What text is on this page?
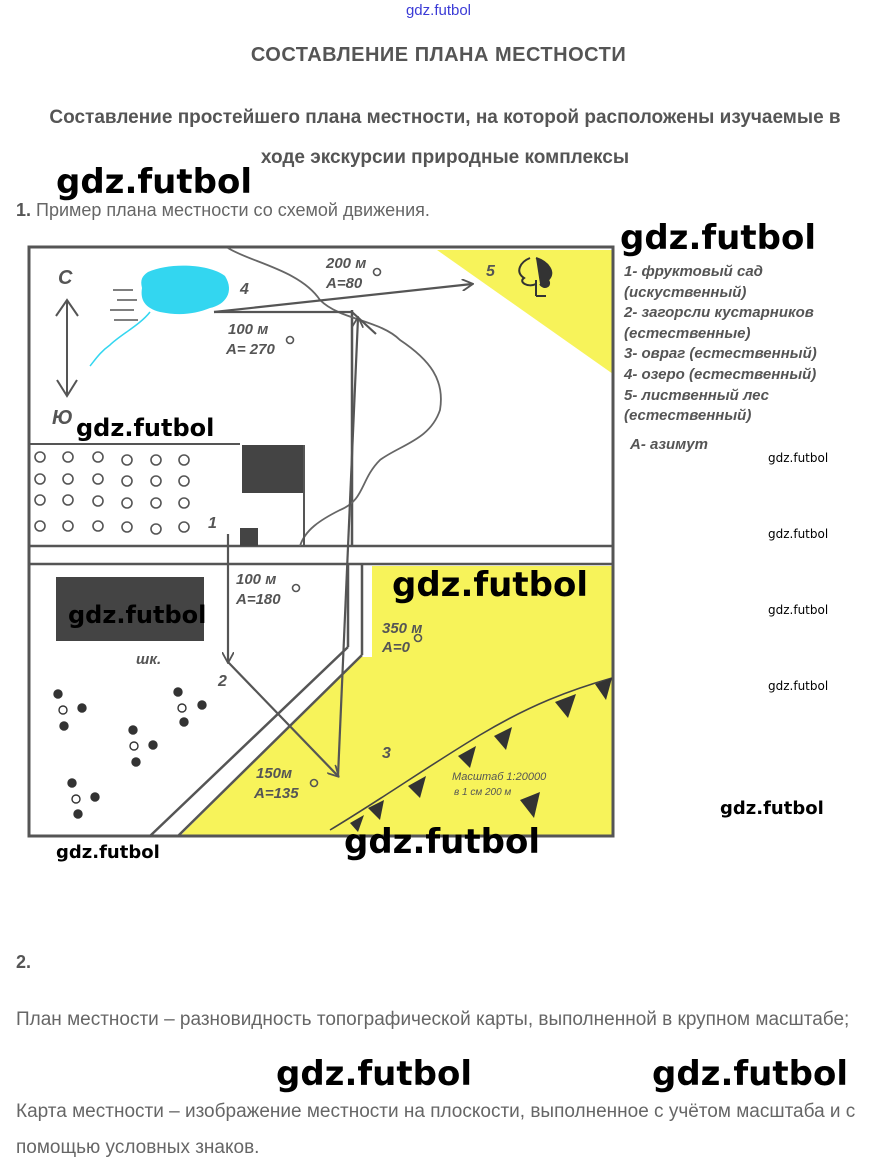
gdz.futbol
СОСТАВЛЕНИЕ ПЛАНА МЕСТНОСТИ
Составление простейшего плана местности, на которой расположены изучаемые в ходе экскурсии природные комплексы
1. Пример плана местности со схемой движения.
С
Ю
1
2
3
4
5
шк.
200 м
А=80
100 м
А= 270
100 м
А=180
350 м
А=0
150м
А=135
Масштаб 1:20000
в 1 см 200 м
1- фруктовый сад
(искуственный)
2- загорсли кустарников
(естественные)
3- овраг (естественный)
4- озеро (естественный)
5- лиственный лес
(естественный)
А- азимут
2.
План местности – разновидность топографической карты, выполненной в крупном масштабе;
Карта местности – изображение местности на плоскости, выполненное с учётом масштаба и с помощью условных знаков.
gdz.futbol
gdz.futbol
gdz.futbol
gdz.futbol
gdz.futbol
gdz.futbol
gdz.futbol
gdz.futbol
gdz.futbol
gdz.futbol
gdz.futbol
gdz.futbol
gdz.futbol	gdz.futbol
